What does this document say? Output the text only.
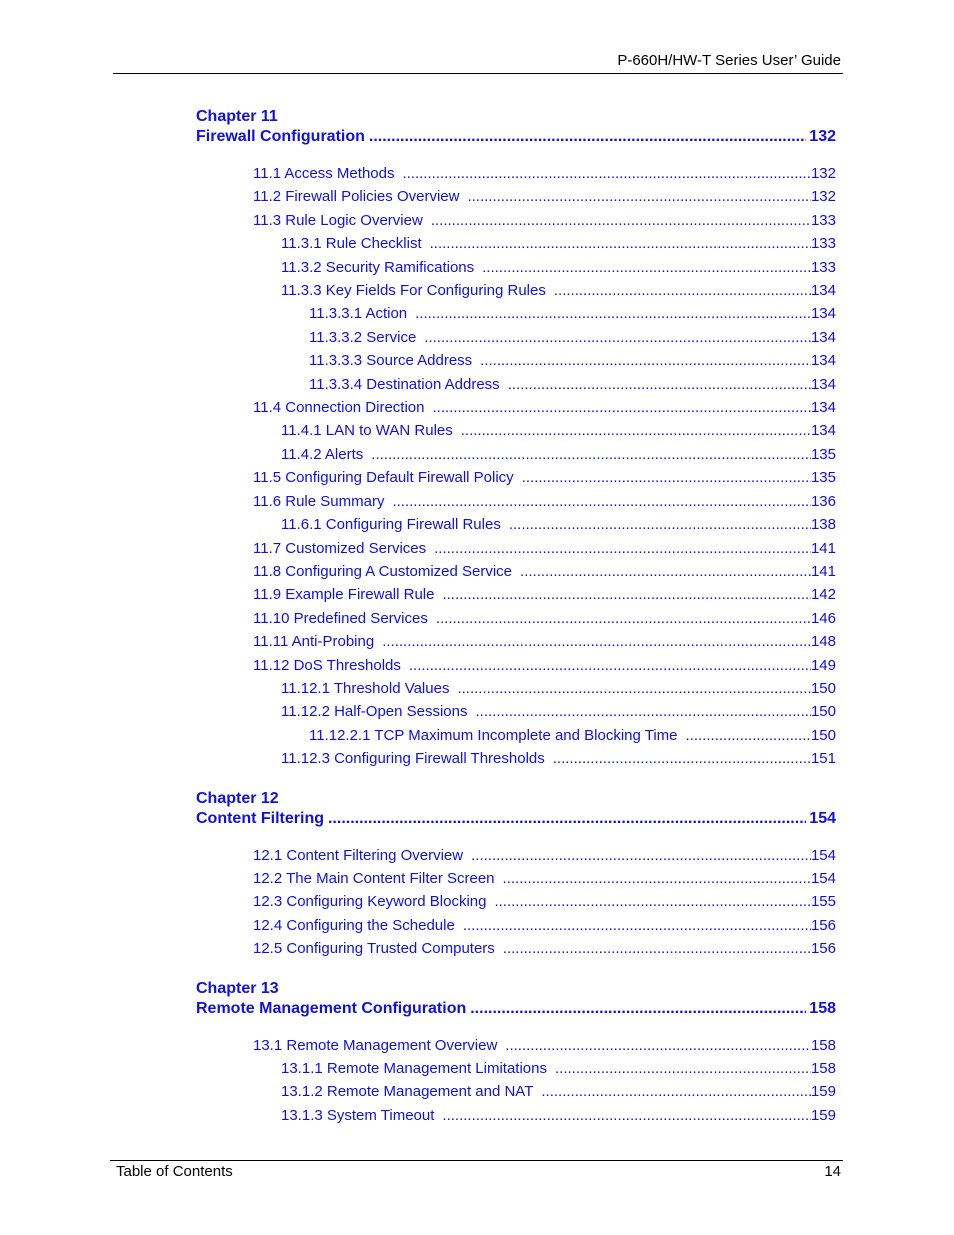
P-660H/HW-T Series User’ Guide
Chapter 11
Firewall Configuration .....	132
11.1 Access Methods .....	132
11.2 Firewall Policies Overview .....	132
11.3 Rule Logic Overview .....	133
11.3.1 Rule Checklist .....	133
11.3.2 Security Ramifications .....	133
11.3.3 Key Fields For Configuring Rules .....	134
11.3.3.1 Action .....	134
11.3.3.2 Service .....	134
11.3.3.3 Source Address .....	134
11.3.3.4 Destination Address .....	134
11.4 Connection Direction .....	134
11.4.1 LAN to WAN Rules .....	134
11.4.2 Alerts .....	135
11.5 Configuring Default Firewall Policy .....	135
11.6 Rule Summary .....	136
11.6.1 Configuring Firewall Rules .....	138
11.7 Customized Services .....	141
11.8 Configuring A Customized Service .....	141
11.9 Example Firewall Rule .....	142
11.10 Predefined Services .....	146
11.11 Anti-Probing .....	148
11.12 DoS Thresholds .....	149
11.12.1 Threshold Values .....	150
11.12.2 Half-Open Sessions .....	150
11.12.2.1 TCP Maximum Incomplete and Blocking Time .....	150
11.12.3 Configuring Firewall Thresholds .....	151
Chapter 12
Content Filtering .....	154
12.1 Content Filtering Overview .....	154
12.2 The Main Content Filter Screen .....	154
12.3 Configuring Keyword Blocking .....	155
12.4 Configuring the Schedule .....	156
12.5 Configuring Trusted Computers .....	156
Chapter 13
Remote Management Configuration .....	158
13.1 Remote Management Overview .....	158
13.1.1 Remote Management Limitations .....	158
13.1.2 Remote Management and NAT .....	159
13.1.3 System Timeout .....	159
Table of Contents	14
